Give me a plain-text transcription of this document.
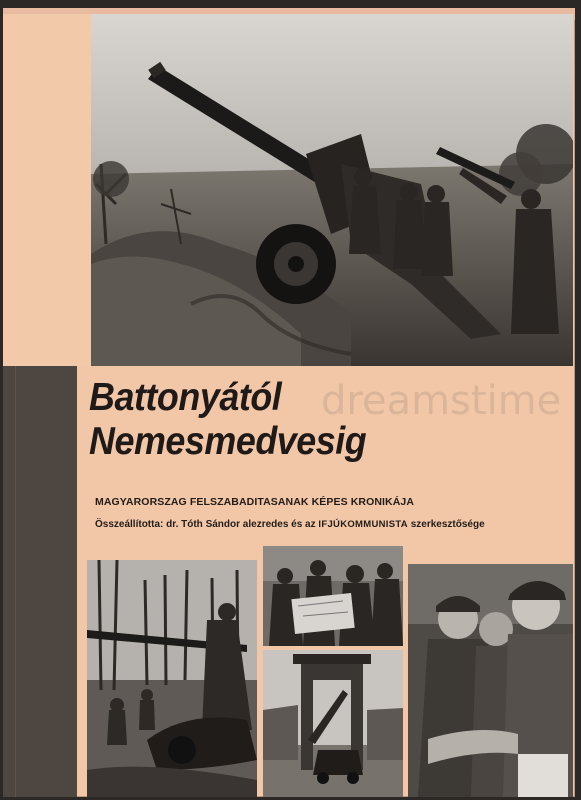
Battonyától
Nemesmedvesig
MAGYARORSZAG FELSZABADITASANAK KÉPES KRONIKÁJA
Összeállította: dr. Tóth Sándor alezredes és az IFJÚKOMMUNISTA szerkesztősége
dreamstime
